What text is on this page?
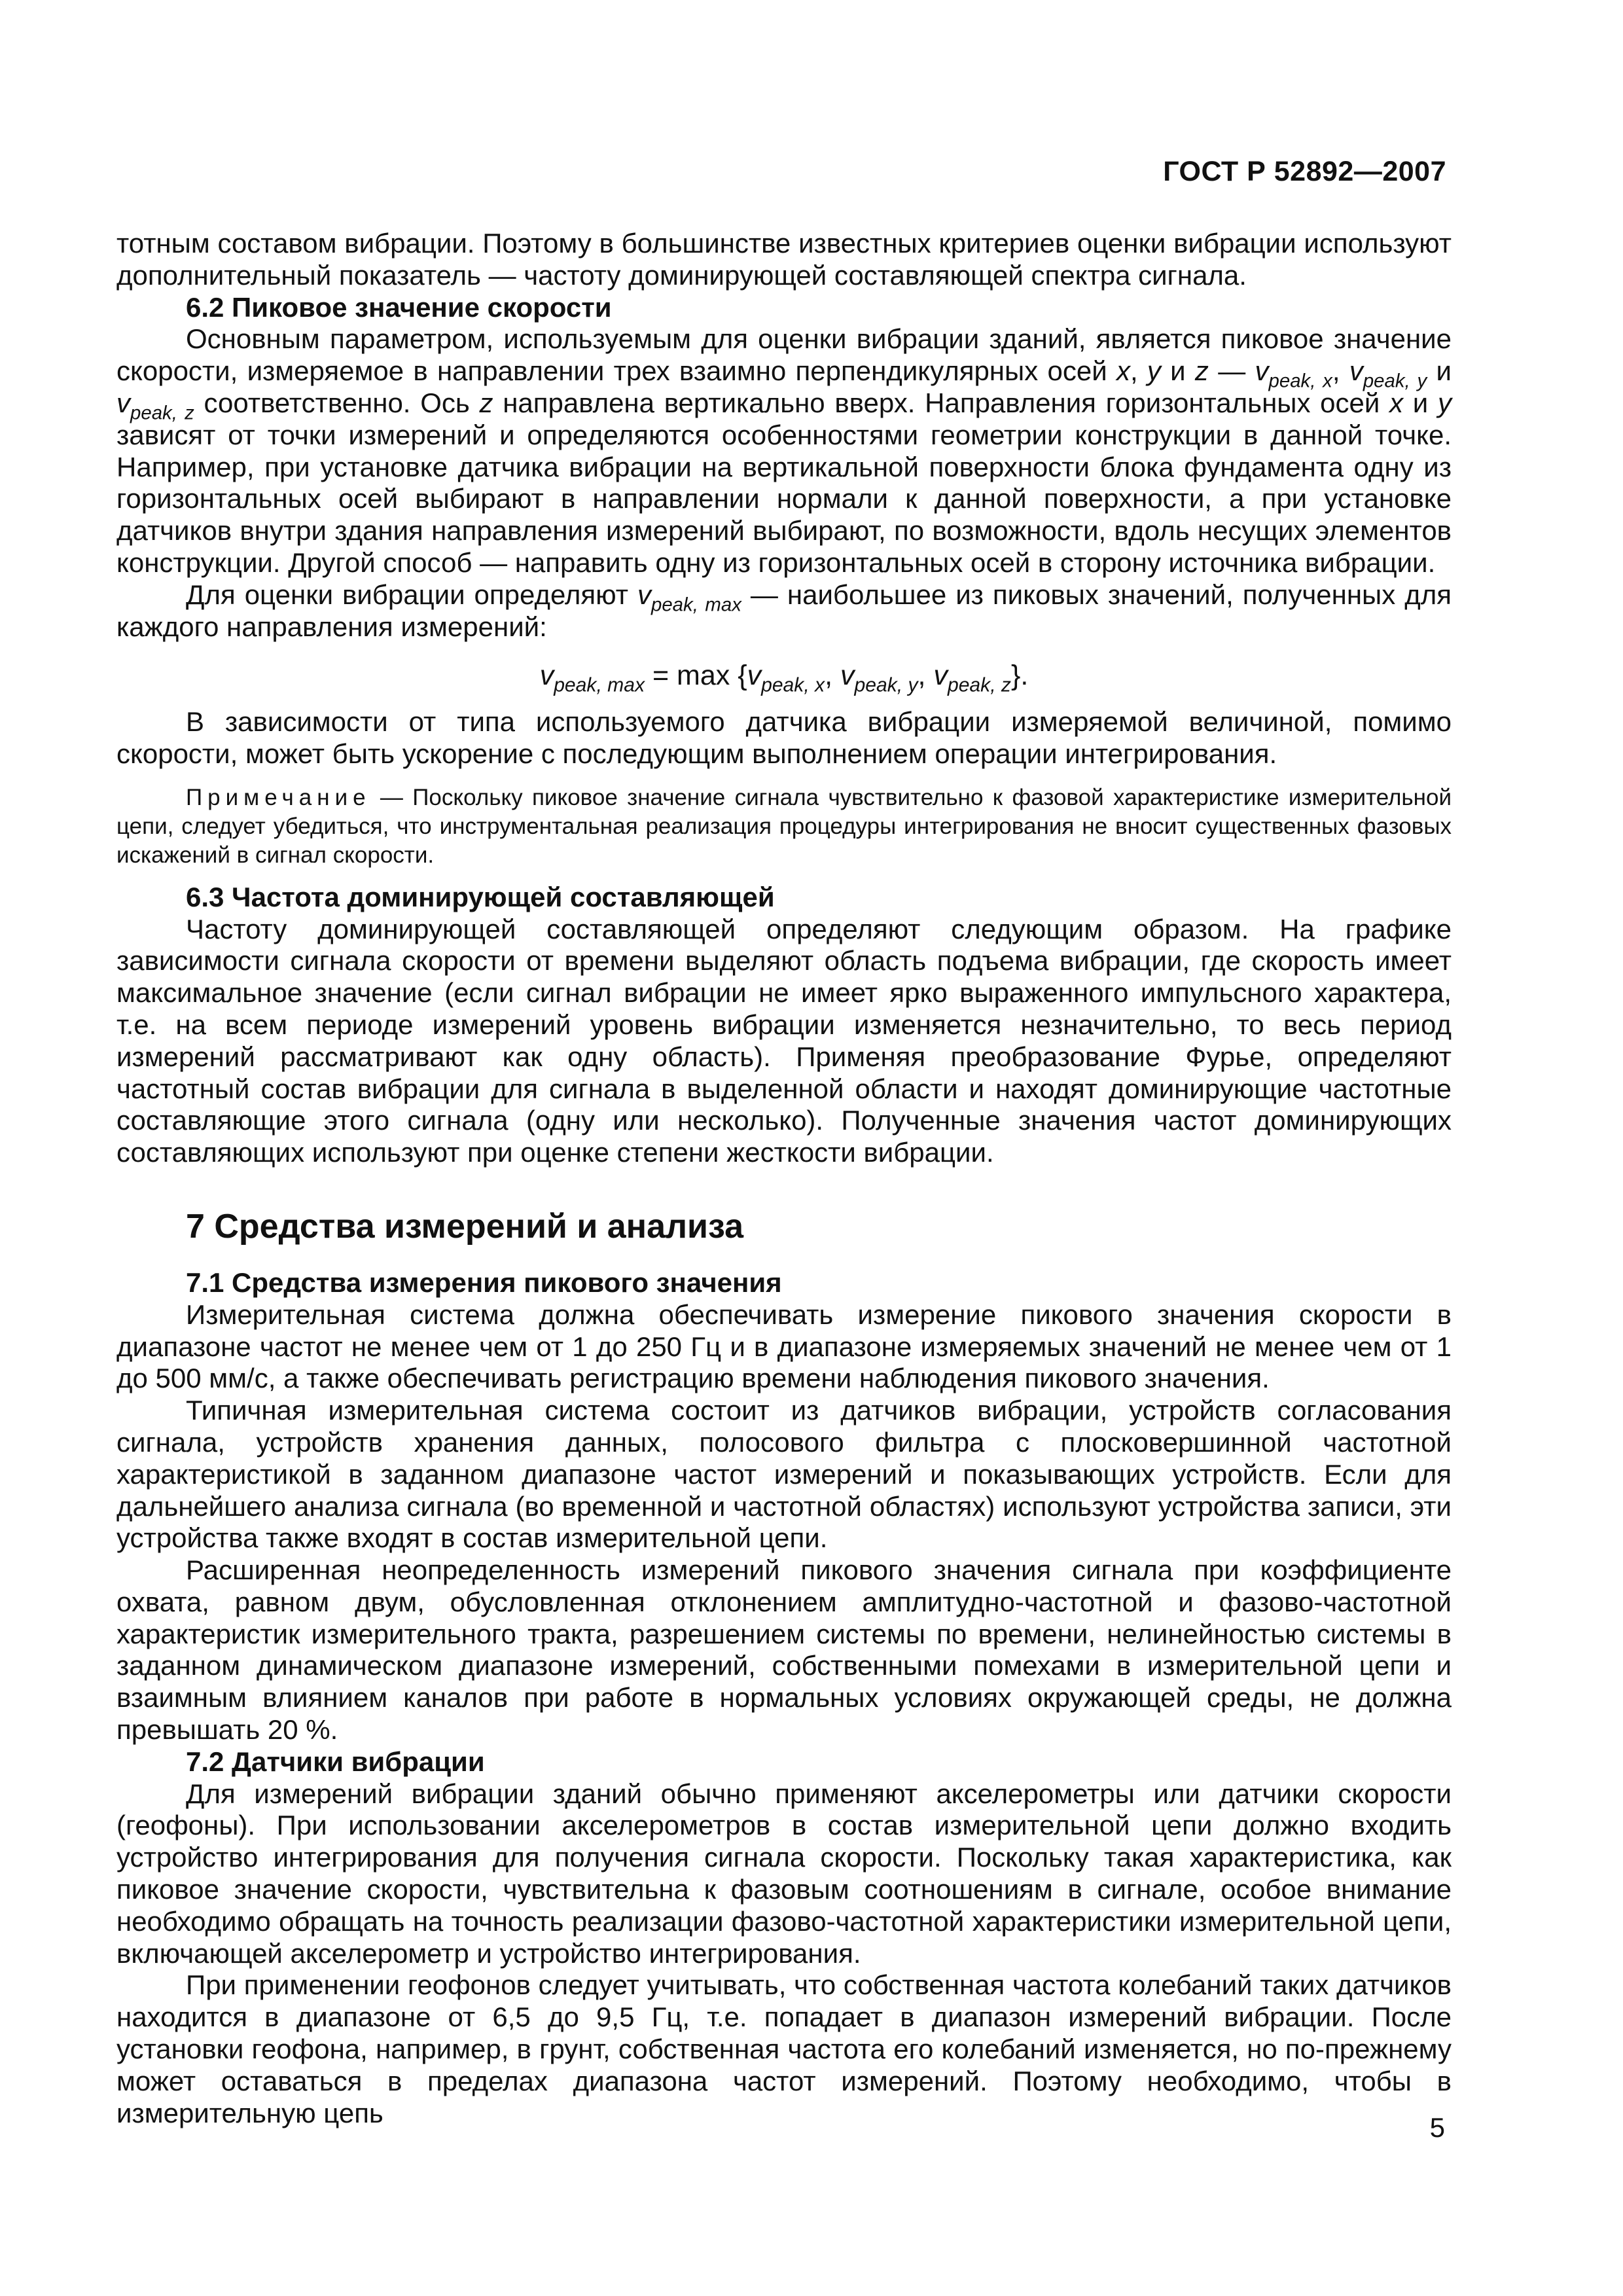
ГОСТ Р 52892—2007

тотным составом вибрации. Поэтому в большинстве известных критериев оценки вибрации используют дополнительный показатель — частоту доминирующей составляющей спектра сигнала.

6.2 Пиковое значение скорости

Основным параметром, используемым для оценки вибрации зданий, является пиковое значение скорости, измеряемое в направлении трех взаимно перпендикулярных осей x, y и z — $v_{peak, x}$, $v_{peak, y}$ и $v_{peak, z}$ соответственно. Ось z направлена вертикально вверх. Направления горизонтальных осей x и y зависят от точки измерений и определяются особенностями геометрии конструкции в данной точке. Например, при установке датчика вибрации на вертикальной поверхности блока фундамента одну из горизонтальных осей выбирают в направлении нормали к данной поверхности, а при установке датчиков внутри здания направления измерений выбирают, по возможности, вдоль несущих элементов конструкции. Другой способ — направить одну из горизонтальных осей в сторону источника вибрации.

Для оценки вибрации определяют $v_{peak, max}$ — наибольшее из пиковых значений, полученных для каждого направления измерений:

$v_{peak, max} = \max \{v_{peak, x}$, $v_{peak, y}$, $v_{peak, z}$}.

В зависимости от типа используемого датчика вибрации измеряемой величиной, помимо скорости, может быть ускорение с последующим выполнением операции интегрирования.

Примечание — Поскольку пиковое значение сигнала чувствительно к фазовой характеристике измерительной цепи, следует убедиться, что инструментальная реализация процедуры интегрирования не вносит существенных фазовых искажений в сигнал скорости.

6.3 Частота доминирующей составляющей

Частоту доминирующей составляющей определяют следующим образом. На графике зависимости сигнала скорости от времени выделяют область подъема вибрации, где скорость имеет максимальное значение (если сигнал вибрации не имеет ярко выраженного импульсного характера, т.е. на всем периоде измерений уровень вибрации изменяется незначительно, то весь период измерений рассматривают как одну область). Применяя преобразование Фурье, определяют частотный состав вибрации для сигнала в выделенной области и находят доминирующие частотные составляющие этого сигнала (одну или несколько). Полученные значения частот доминирующих составляющих используют при оценке степени жесткости вибрации.

7 Средства измерений и анализа

7.1 Средства измерения пикового значения

Измерительная система должна обеспечивать измерение пикового значения скорости в диапазоне частот не менее чем от 1 до 250 Гц и в диапазоне измеряемых значений не менее чем от 1 до 500 мм/с, а также обеспечивать регистрацию времени наблюдения пикового значения.

Типичная измерительная система состоит из датчиков вибрации, устройств согласования сигнала, устройств хранения данных, полосового фильтра с плосковершинной частотной характеристикой в заданном диапазоне частот измерений и показывающих устройств. Если для дальнейшего анализа сигнала (во временной и частотной областях) используют устройства записи, эти устройства также входят в состав измерительной цепи.

Расширенная неопределенность измерений пикового значения сигнала при коэффициенте охвата, равном двум, обусловленная отклонением амплитудно-частотной и фазово-частотной характеристик измерительного тракта, разрешением системы по времени, нелинейностью системы в заданном динамическом диапазоне измерений, собственными помехами в измерительной цепи и взаимным влиянием каналов при работе в нормальных условиях окружающей среды, не должна превышать 20 %.

7.2 Датчики вибрации

Для измерений вибрации зданий обычно применяют акселерометры или датчики скорости (геофоны). При использовании акселерометров в состав измерительной цепи должно входить устройство интегрирования для получения сигнала скорости. Поскольку такая характеристика, как пиковое значение скорости, чувствительна к фазовым соотношениям в сигнале, особое внимание необходимо обращать на точность реализации фазово-частотной характеристики измерительной цепи, включающей акселерометр и устройство интегрирования.

При применении геофонов следует учитывать, что собственная частота колебаний таких датчиков находится в диапазоне от 6,5 до 9,5 Гц, т.е. попадает в диапазон измерений вибрации. После установки геофона, например, в грунт, собственная частота его колебаний изменяется, но по-прежнему может оставаться в пределах диапазона частот измерений. Поэтому необходимо, чтобы в измерительную цепь	5
